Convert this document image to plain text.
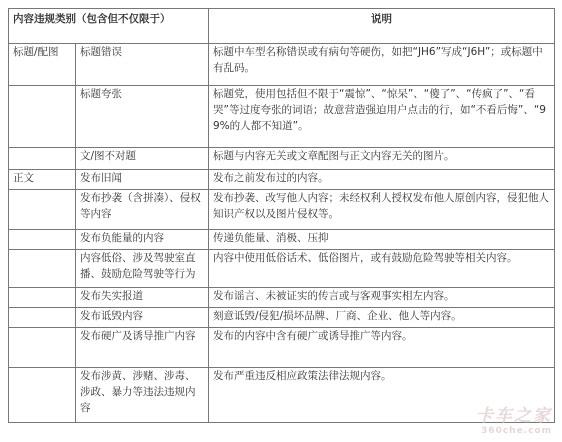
内容违规类别（包含但不仅限于）		说明
标题/配图	标题错误	标题中车型名称错误或有病句等硬伤，如把“JH6”写成“J6H”；或标题中有乱码。
	标题夸张	标题党，使用包括但不限于“震惊”、“惊呆”、“傻了”、“传疯了”、“看哭”等过度夸张的词语；故意营造强迫用户点击的行，如“不看后悔”、“99%的人都不知道”。
	文/图不对题	标题与内容无关或文章配图与正文内容无关的图片。
正文	发布旧闻	发布之前发布过的内容。
	发布抄袭（含拼凑）、侵权等内容	发布抄袭、改写他人内容；未经权利人授权发布他人原创内容，侵犯他人知识产权以及图片侵权等。
	发布负能量的内容	传递负能量、消极、压抑
	内容低俗、涉及驾驶室直播、鼓励危险驾驶等行为	内容中使用低俗话术、低俗图片，或有鼓励危险驾驶等相关内容。
	发布失实报道	发布谣言、未被证实的传言或与客观事实相左内容。
	发布诋毁内容	刻意诋毁/侵犯/损坏品牌、厂商、企业、他人等内容。
	发布硬广及诱导推广内容	发布的内容中含有硬广或诱导推广等内容。
	发布涉黄、涉赌、涉毒、涉政、暴力等违法违规内容	发布严重违反相应政策法律法规内容。
卡车之家
360che.com
